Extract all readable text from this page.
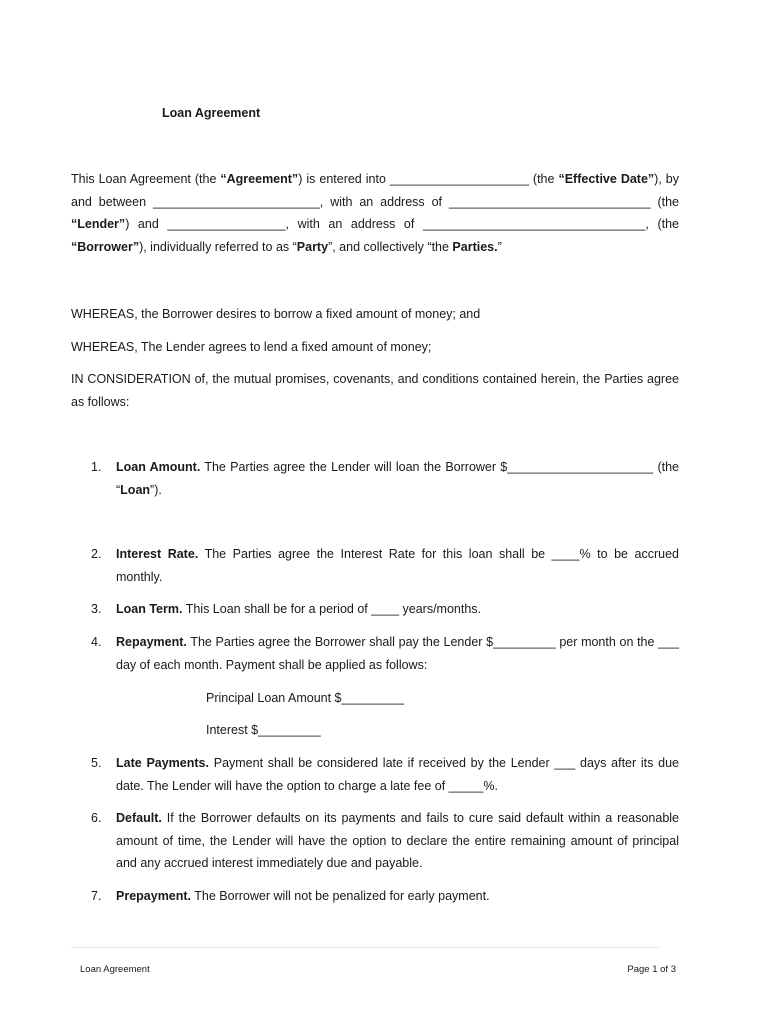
Loan Agreement
This Loan Agreement (the “Agreement”) is entered into ____________________ (the “Effective Date”), by and between ________________________, with an address of _____________________________ (the “Lender”) and _________________, with an address of ________________________________, (the “Borrower”), individually referred to as “Party”, and collectively “the Parties.”
WHEREAS, the Borrower desires to borrow a fixed amount of money; and
WHEREAS, The Lender agrees to lend a fixed amount of money;
IN CONSIDERATION of, the mutual promises, covenants, and conditions contained herein, the Parties agree as follows:
1.	Loan Amount. The Parties agree the Lender will loan the Borrower $_____________________ (the “Loan”).
2.	Interest Rate. The Parties agree the Interest Rate for this loan shall be ____% to be accrued monthly.
3.	Loan Term. This Loan shall be for a period of ____ years/months.
4.	Repayment. The Parties agree the Borrower shall pay the Lender $_________ per month on the ___ day of each month. Payment shall be applied as follows:
Principal Loan Amount $_________
Interest $_________
5.	Late Payments. Payment shall be considered late if received by the Lender ___ days after its due date. The Lender will have the option to charge a late fee of _____%.
6.	Default. If the Borrower defaults on its payments and fails to cure said default within a reasonable amount of time, the Lender will have the option to declare the entire remaining amount of principal and any accrued interest immediately due and payable.
7.	Prepayment. The Borrower will not be penalized for early payment.
Loan Agreement	Page 1 of 3
